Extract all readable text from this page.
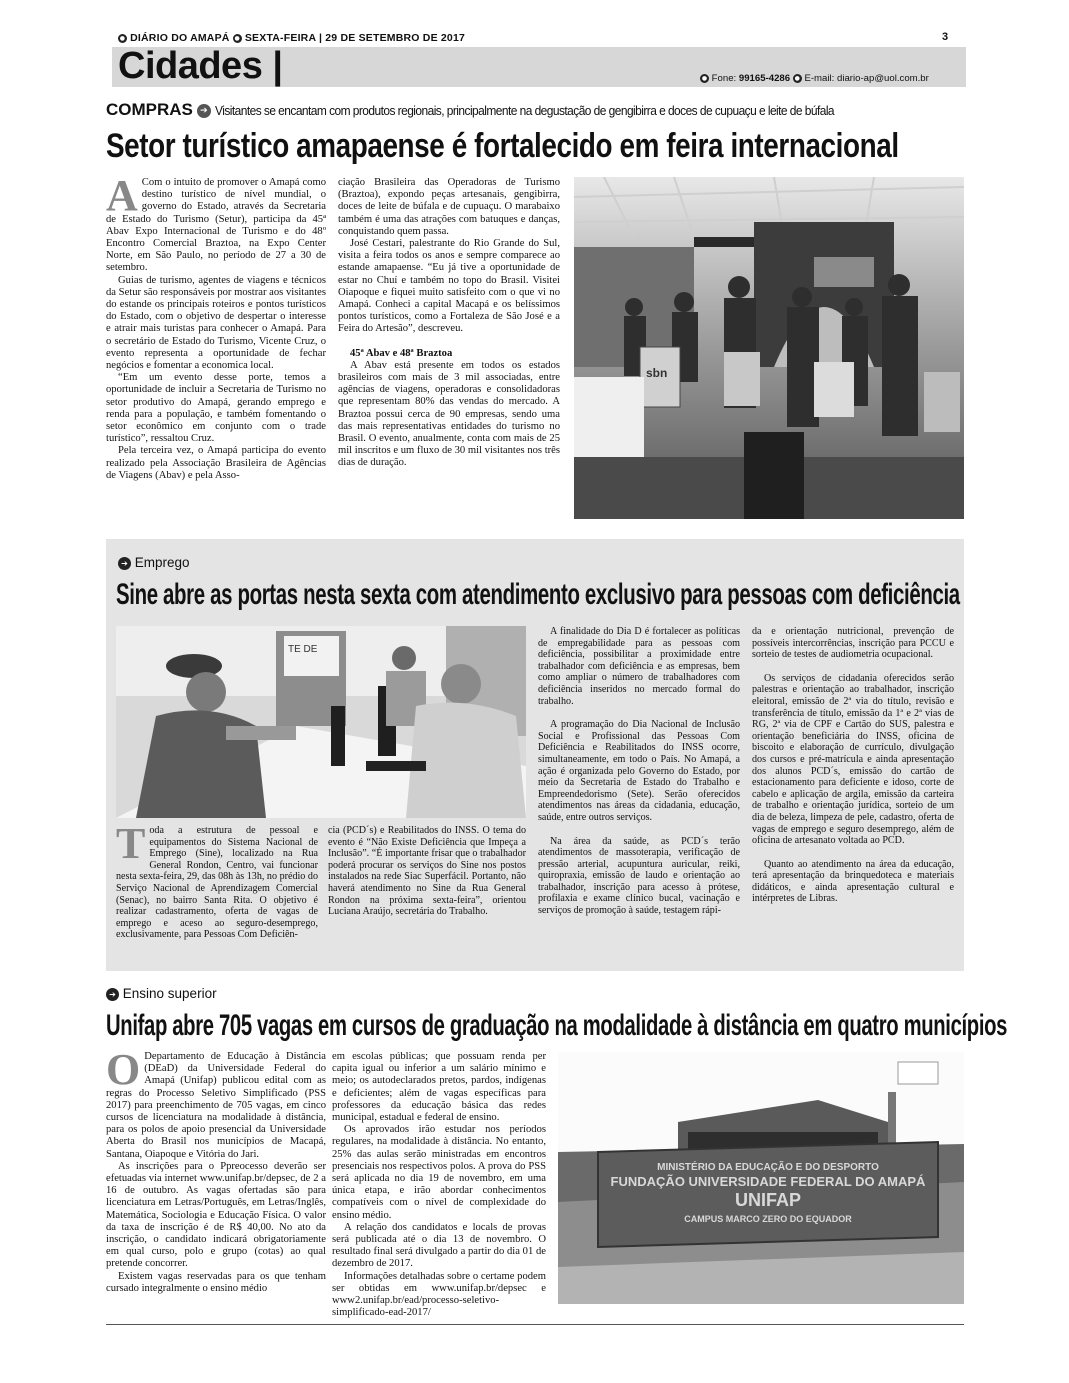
● DIÁRIO DO AMAPÁ ● SEXTA-FEIRA | 29 DE SETEMBRO DE 2017	3
Cidades |	● Fone: 99165-4286 ● E-mail: diario-ap@uol.com.br
COMPRAS ➔ Visitantes se encantam com produtos regionais, principalmente na degustação de gengibirra e doces de cupuaçu e leite de búfala
Setor turístico amapaense é fortalecido em feira internacional
A Com o intuito de promover o Amapá como destino turístico de nível mundial, o governo do Estado, através da Secretaria de Estado do Turismo (Setur), participa da 45ª Abav Expo Internacional de Turismo e do 48º Encontro Comercial Braztoa, na Expo Center Norte, em São Paulo, no período de 27 a 30 de setembro.

Guias de turismo, agentes de viagens e técnicos da Setur são responsáveis por mostrar aos visitantes do estande os principais roteiros e pontos turísticos do Estado, com o objetivo de despertar o interesse e atrair mais turistas para conhecer o Amapá. Para o secretário de Estado do Turismo, Vicente Cruz, o evento representa a oportunidade de fechar negócios e fomentar a economica local.

“Em um evento desse porte, temos a oportunidade de incluir a Secretaria de Turismo no setor produtivo do Amapá, gerando emprego e renda para a população, e também fomentando o setor econômico em conjunto com o trade turístico”, ressaltou Cruz.

Pela terceira vez, o Amapá participa do evento realizado pela Associação Brasileira de Agências de Viagens (Abav) e pela Asso-

ciação Brasileira das Operadoras de Turismo (Braztoa), expondo peças artesanais, gengibirra, doces de leite de búfala e de cupuaçu. O marabaixo também é uma das atrações com batuques e danças, conquistando quem passa.

José Cestari, palestrante do Rio Grande do Sul, visita a feira todos os anos e sempre comparece ao estande amapaense. “Eu já tive a oportunidade de estar no Chuí e também no topo do Brasil. Visitei Oiapoque e fiquei muito satisfeito com o que vi no Amapá. Conheci a capital Macapá e os belíssimos pontos turísticos, como a Fortaleza de São José e a Feira do Artesão”, descreveu.

45ª Abav e 48ª Braztoa

A Abav está presente em todos os estados brasileiros com mais de 3 mil associadas, entre agências de viagens, operadoras e consolidadoras que representam 80% das vendas do mercado. A Braztoa possui cerca de 90 empresas, sendo uma das mais representativas entidades do turismo no Brasil. O evento, anualmente, conta com mais de 25 mil inscritos e um fluxo de 30 mil visitantes nos três dias de duração.

sbn
➔ Emprego
Sine abre as portas nesta sexta com atendimento exclusivo para pessoas com deficiência
TE DE
T oda a estrutura de pessoal e equipamentos do Sistema Nacional de Emprego (Sine), localizado na Rua General Rondon, Centro, vai funcionar nesta sexta-feira, 29, das 08h às 13h, no prédio do Serviço Nacional de Aprendizagem Comercial (Senac), no bairro Santa Rita. O objetivo é realizar cadastramento, oferta de vagas de emprego e aceso ao seguro-desemprego, exclusivamente, para Pessoas Com Deficiên-

cia (PCD´s) e Reabilitados do INSS. O tema do evento é “Não Existe Deficiência que Impeça a Inclusão”. “É importante frisar que o trabalhador poderá procurar os serviços do Sine nos postos instalados na rede Siac Superfácil. Portanto, não haverá atendimento no Sine da Rua General Rondon na próxima sexta-feira”, orientou Luciana Araújo, secretária do Trabalho.

A finalidade do Dia D é fortalecer as políticas de empregabilidade para as pessoas com deficiência, possibilitar a proximidade entre trabalhador com deficiência e as empresas, bem como ampliar o número de trabalhadores com deficiência inseridos no mercado formal do trabalho.

A programação do Dia Nacional de Inclusão Social e Profissional das Pessoas Com Deficiência e Reabilitados do INSS ocorre, simultaneamente, em todo o País. No Amapá, a ação é organizada pelo Governo do Estado, por meio da Secretaria de Estado do Trabalho e Empreendedorismo (Sete). Serão oferecidos atendimentos nas áreas da cidadania, educação, saúde, entre outros serviços.

Na área da saúde, as PCD´s terão atendimentos de massoterapia, verificação de pressão arterial, acupuntura auricular, reiki, quiropraxia, emissão de laudo e orientação ao trabalhador, inscrição para acesso à prótese, profilaxia e exame clínico bucal, vacinação e serviços de promoção à saúde, testagem rápi-

da e orientação nutricional, prevenção de possíveis intercorrências, inscrição para PCCU e sorteio de testes de audiometria ocupacional.

Os serviços de cidadania oferecidos serão palestras e orientação ao trabalhador, inscrição eleitoral, emissão de 2ª via do título, revisão e transferência de título, emissão da 1ª e 2ª vias de RG, 2ª via de CPF e Cartão do SUS, palestra e orientação beneficiária do INSS, oficina de biscoito e elaboração de currículo, divulgação dos cursos e pré-matrícula e ainda apresentação dos alunos PCD´s, emissão do cartão de estacionamento para deficiente e idoso, corte de cabelo e aplicação de argila, emissão da carteira de trabalho e orientação jurídica, sorteio de um dia de beleza, limpeza de pele, cadastro, oferta de vagas de emprego e seguro desemprego, além de oficina de artesanato voltada ao PCD.

Quanto ao atendimento na área da educação, terá apresentação da brinquedoteca e materiais didáticos, e ainda apresentação cultural e intérpretes de Libras.

➔ Ensino superior
Unifap abre 705 vagas em cursos de graduação na modalidade à distância em quatro municípios
O Departamento de Educação à Distância (DEaD) da Universidade Federal do Amapá (Unifap) publicou edital com as regras do Processo Seletivo Simplificado (PSS 2017) para preenchimento de 705 vagas, em cinco cursos de licenciatura na modalidade à distância, para os polos de apoio presencial da Universidade Aberta do Brasil nos municípios de Macapá, Santana, Oiapoque e Vitória do Jari.

As inscrições para o Ppreocesso deverão ser efetuadas via internet www.unifap.br/depsec, de 2 a 16 de outubro. As vagas ofertadas são para licenciatura em Letras/Português, em Letras/Inglês, Matemática, Sociologia e Educação Física. O valor da taxa de inscrição é de R$ 40,00. No ato da inscrição, o candidato indicará obrigatoriamente em qual curso, polo e grupo (cotas) ao qual pretende concorrer.

Existem vagas reservadas para os que tenham cursado integralmente o ensino médio

em escolas públicas; que possuam renda per capita igual ou inferior a um salário mínimo e meio; os autodeclarados pretos, pardos, indígenas e deficientes; além de vagas específicas para professores da educação básica das redes municipal, estadual e federal de ensino.

Os aprovados irão estudar nos períodos regulares, na modalidade à distância. No entanto, 25% das aulas serão ministradas em encontros presenciais nos respectivos polos. A prova do PSS será aplicada no dia 19 de novembro, em uma única etapa, e irão abordar conhecimentos compatíveis com o nível de complexidade do ensino médio.

A relação dos candidatos e locals de provas será publicada até o dia 13 de novembro. O resultado final será divulgado a partir do dia 01 de dezembro de 2017.

Informações detalhadas sobre o certame podem ser obtidas em www.unifap.br/depsec e www2.unifap.br/ead/processo-seletivo-simplificado-ead-2017/

MINISTÉRIO DA EDUCAÇÃO E DO DESPORTO
FUNDAÇÃO UNIVERSIDADE FEDERAL DO AMAPÁ
UNIFAP
CAMPUS MARCO ZERO DO EQUADOR
